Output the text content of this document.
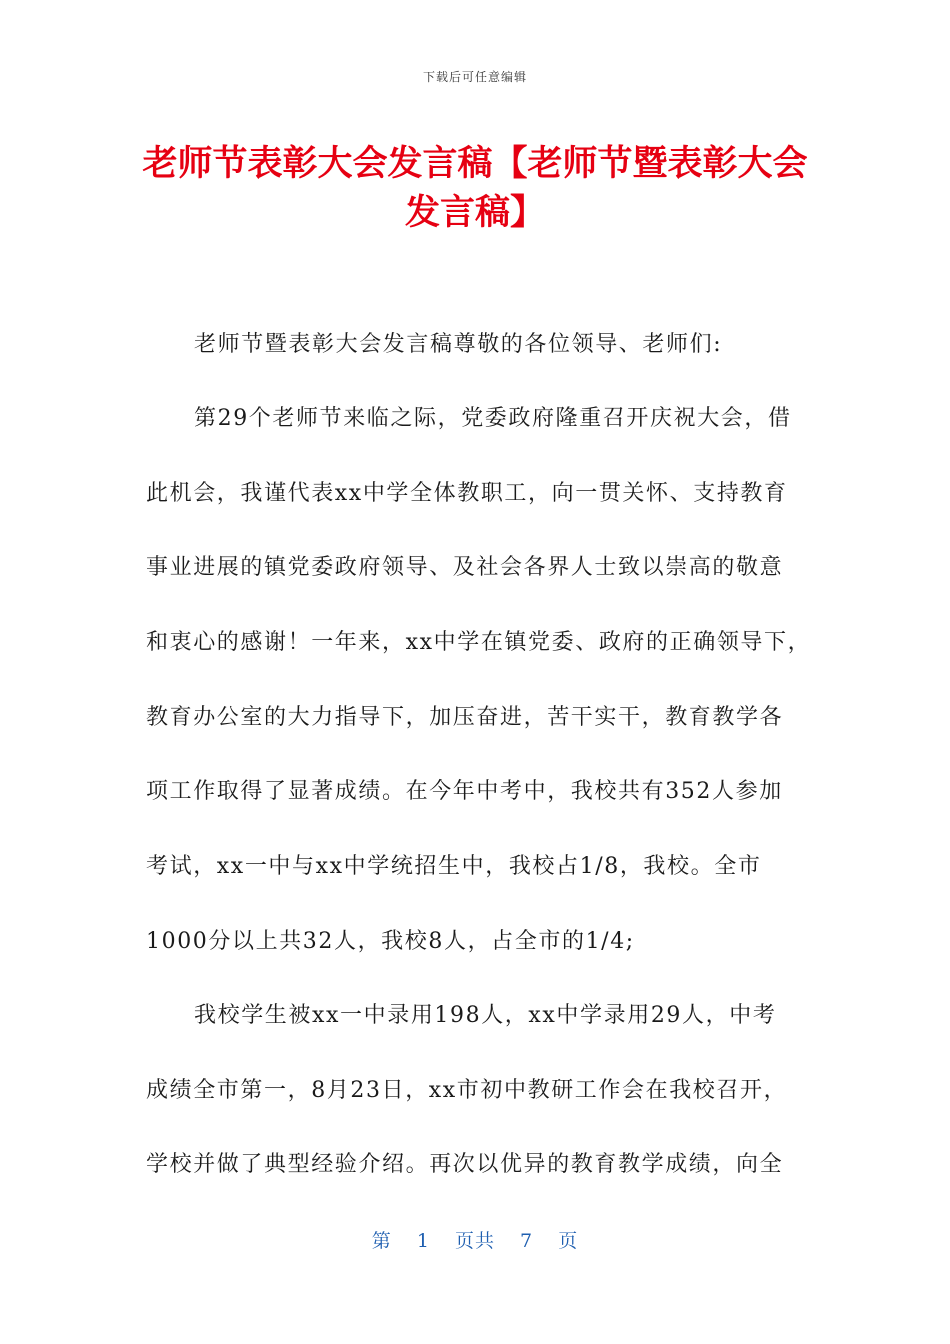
下载后可任意编辑
老师节表彰大会发言稿【老师节暨表彰大会
发言稿】
老师节暨表彰大会发言稿尊敬的各位领导、老师们:
第29个老师节来临之际，党委政府隆重召开庆祝大会，借
此机会，我谨代表xx中学全体教职工，向一贯关怀、支持教育
事业进展的镇党委政府领导、及社会各界人士致以崇高的敬意
和衷心的感谢！一年来，xx中学在镇党委、政府的正确领导下，
教育办公室的大力指导下，加压奋进，苦干实干，教育教学各
项工作取得了显著成绩。在今年中考中，我校共有352人参加
考试，xx一中与xx中学统招生中，我校占1/8，我校。全市
1000分以上共32人，我校8人，占全市的1/4;
我校学生被xx一中录用198人，xx中学录用29人，中考
成绩全市第一，8月23日，xx市初中教研工作会在我校召开，
学校并做了典型经验介绍。再次以优异的教育教学成绩，向全
第 1 页共 7 页
